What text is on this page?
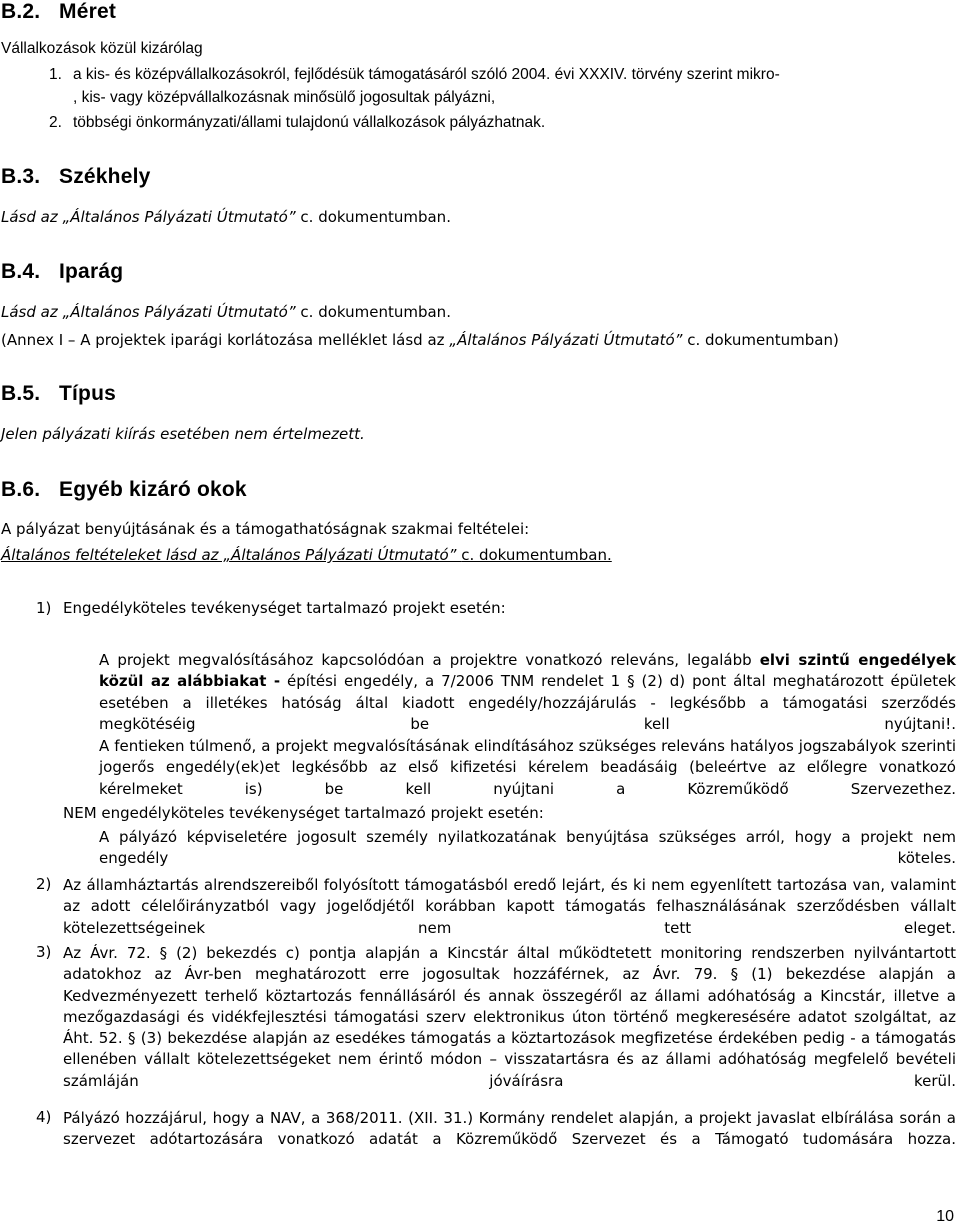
B.2. Méret
Vállalkozások közül kizárólag
1. a kis- és középvállalkozásokról, fejlődésük támogatásáról szóló 2004. évi XXXIV. törvény szerint mikro-
, kis- vagy középvállalkozásnak minősülő jogosultak pályázni,
2. többségi önkormányzati/állami tulajdonú vállalkozások pályázhatnak.
B.3. Székhely
Lásd az „Általános Pályázati Útmutató” c. dokumentumban.
B.4. Iparág
Lásd az „Általános Pályázati Útmutató” c. dokumentumban.
(Annex I – A projektek iparági korlátozása melléklet lásd az „Általános Pályázati Útmutató” c. dokumentumban)
B.5. Típus
Jelen pályázati kiírás esetében nem értelmezett.
B.6. Egyéb kizáró okok
A pályázat benyújtásának és a támogathatóságnak szakmai feltételei:
Általános feltételeket lásd az „Általános Pályázati Útmutató” c. dokumentumban.
1) Engedélyköteles tevékenységet tartalmazó projekt esetén:
A projekt megvalósításához kapcsolódóan a projektre vonatkozó releváns, legalább elvi szintű engedélyek közül az alábbiakat - építési engedély, a 7/2006 TNM rendelet 1 § (2) d) pont által meghatározott épületek esetében a illetékes hatóság által kiadott engedély/hozzájárulás - legkésőbb a támogatási szerződés megkötéséig be kell nyújtani!.
A fentieken túlmenő, a projekt megvalósításának elindításához szükséges releváns hatályos jogszabályok szerinti jogerős engedély(ek)et legkésőbb az első kifizetési kérelem beadásáig (beleértve az előlegre vonatkozó kérelmeket is) be kell nyújtani a Közreműködő Szervezethez.
NEM engedélyköteles tevékenységet tartalmazó projekt esetén:
A pályázó képviseletére jogosult személy nyilatkozatának benyújtása szükséges arról, hogy a projekt nem engedély köteles.
2) Az államháztartás alrendszereiből folyósított támogatásból eredő lejárt, és ki nem egyenlített tartozása van, valamint az adott célelőirányzatból vagy jogelődjétől korábban kapott támogatás felhasználásának szerződésben vállalt kötelezettségeinek nem tett eleget.
3) Az Ávr. 72. § (2) bekezdés c) pontja alapján a Kincstár által működtetett monitoring rendszerben nyilvántartott adatokhoz az Ávr-ben meghatározott erre jogosultak hozzáférnek, az Ávr. 79. § (1) bekezdése alapján a Kedvezményezett terhelő köztartozás fennállásáról és annak összegéről az állami adóhatóság a Kincstár, illetve a mezőgazdasági és vidékfejlesztési támogatási szerv elektronikus úton történő megkeresésére adatot szolgáltat, az Áht. 52. § (3) bekezdése alapján az esedékes támogatás a köztartozások megfizetése érdekében pedig - a támogatás ellenében vállalt kötelezettségeket nem érintő módon – visszatartásra és az állami adóhatóság megfelelő bevételi számláján jóváírásra kerül.
4) Pályázó hozzájárul, hogy a NAV, a 368/2011. (XII. 31.) Kormány rendelet alapján, a projekt javaslat elbírálása során a szervezet adótartozására vonatkozó adatát a Közreműködő Szervezet és a Támogató tudomására hozza.
10
